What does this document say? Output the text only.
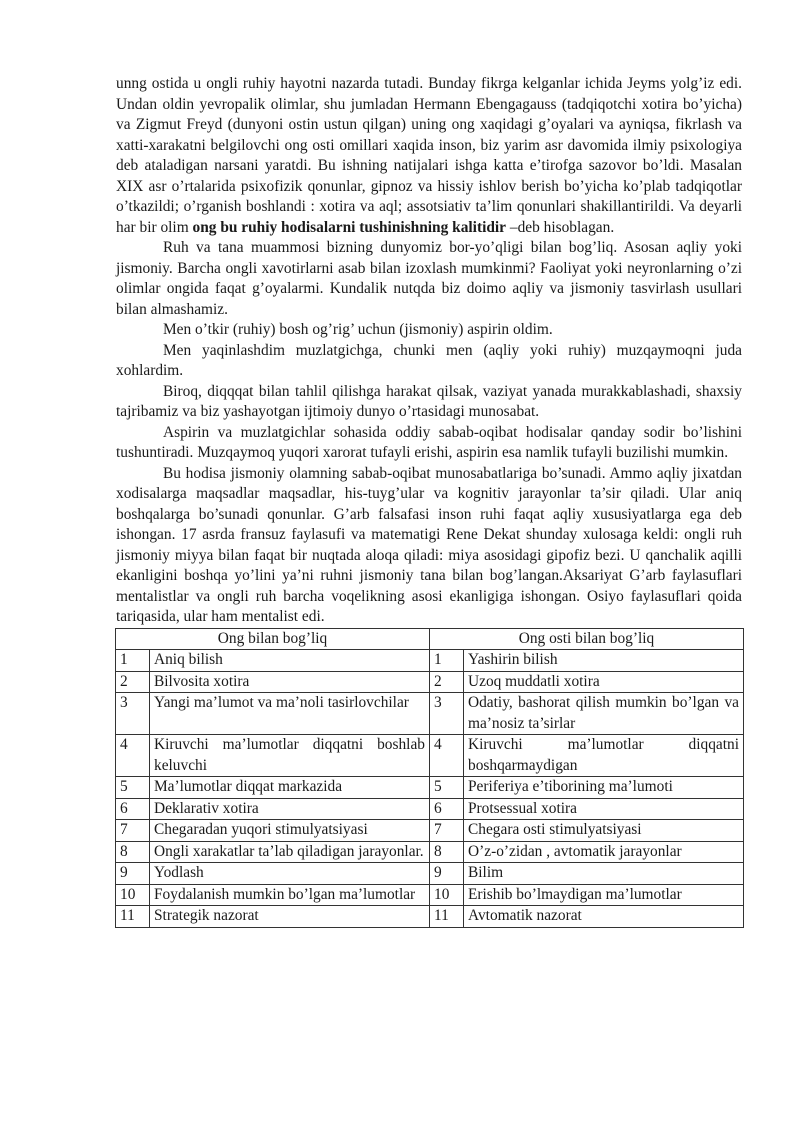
unng ostida u ongli ruhiy hayotni nazarda tutadi. Bunday fikrga kelganlar ichida Jeyms yolg’iz edi. Undan oldin yevropalik olimlar, shu jumladan Hermann Ebengagauss (tadqiqotchi xotira bo’yicha) va Zigmut Freyd (dunyoni ostin ustun qilgan) uning ong xaqidagi g’oyalari va ayniqsa, fikrlash va xatti-xarakatni belgilovchi ong osti omillari xaqida inson, biz yarim asr davomida ilmiy psixologiya deb ataladigan narsani yaratdi. Bu ishning natijalari ishga katta e’tirofga sazovor bo’ldi. Masalan XIX asr o’rtalarida psixofizik qonunlar, gipnoz va hissiy ishlov berish bo’yicha ko’plab tadqiqotlar o’tkazildi; o’rganish boshlandi : xotira va aql; assotsiativ ta’lim qonunlari shakillantirildi. Va deyarli har bir olim ong bu ruhiy hodisalarni tushinishning kalitidir –deb hisoblagan.

Ruh va tana muammosi bizning dunyomiz bor-yo’qligi bilan bog’liq. Asosan aqliy yoki jismoniy. Barcha ongli xavotirlarni asab bilan izoxlash mumkinmi? Faoliyat yoki neyronlarning o’zi olimlar ongida faqat g’oyalarmi. Kundalik nutqda biz doimo aqliy va jismoniy tasvirlash usullari bilan almashamiz.

Men o’tkir (ruhiy) bosh og’rig’ uchun (jismoniy) aspirin oldim.

Men yaqinlashdim muzlatgichga, chunki men (aqliy yoki ruhiy) muzqaymoqni juda xohlardim.

Biroq, diqqqat bilan tahlil qilishga harakat qilsak, vaziyat yanada murakkablashadi, shaxsiy tajribamiz va biz yashayotgan ijtimoiy dunyo o’rtasidagi munosabat.

Aspirin va muzlatgichlar sohasida oddiy sabab-oqibat hodisalar qanday sodir bo’lishini tushuntiradi. Muzqaymoq yuqori xarorat tufayli erishi, aspirin esa namlik tufayli buzilishi mumkin.

Bu hodisa jismoniy olamning sabab-oqibat munosabatlariga bo’sunadi. Ammo aqliy jixatdan xodisalarga maqsadlar maqsadlar, his-tuyg’ular va kognitiv jarayonlar ta’sir qiladi. Ular aniq boshqalarga bo’sunadi qonunlar. G’arb falsafasi inson ruhi faqat aqliy xususiyatlarga ega deb ishongan. 17 asrda fransuz faylasufi va matematigi Rene Dekat shunday xulosaga keldi: ongli ruh jismoniy miyya bilan faqat bir nuqtada aloqa qiladi: miya asosidagi gipofiz bezi. U qanchalik aqilli ekanligini boshqa yo’lini ya’ni ruhni jismoniy tana bilan bog’langan.Aksariyat G’arb faylasuflari mentalistlar va ongli ruh barcha voqelikning asosi ekanligiga ishongan. Osiyo faylasuflari qoida tariqasida, ular ham mentalist edi.

Ong bilan bog’liq		Ong osti bilan bog’liq	
1	Aniq bilish	1	Yashirin bilish
2	Bilvosita xotira	2	Uzoq muddatli xotira
3	Yangi ma’lumot va ma’noli tasirlovchilar	3	Odatiy, bashorat qilish mumkin bo’lgan va ma’nosiz ta’sirlar
4	Kiruvchi ma’lumotlar diqqatni boshlab keluvchi	4	Kiruvchi ma’lumotlar diqqatni boshqarmaydigan
5	Ma’lumotlar diqqat markazida	5	Periferiya e’tiborining ma’lumoti
6	Deklarativ xotira	6	Protsessual xotira
7	Chegaradan yuqori stimulyatsiyasi	7	Chegara osti stimulyatsiyasi
8	Ongli xarakatlar ta’lab qiladigan jarayonlar.	8	O’z-o’zidan , avtomatik jarayonlar
9	Yodlash	9	Bilim
10	Foydalanish mumkin bo’lgan ma’lumotlar	10	Erishib bo’lmaydigan ma’lumotlar
11	Strategik nazorat	11	Avtomatik nazorat
